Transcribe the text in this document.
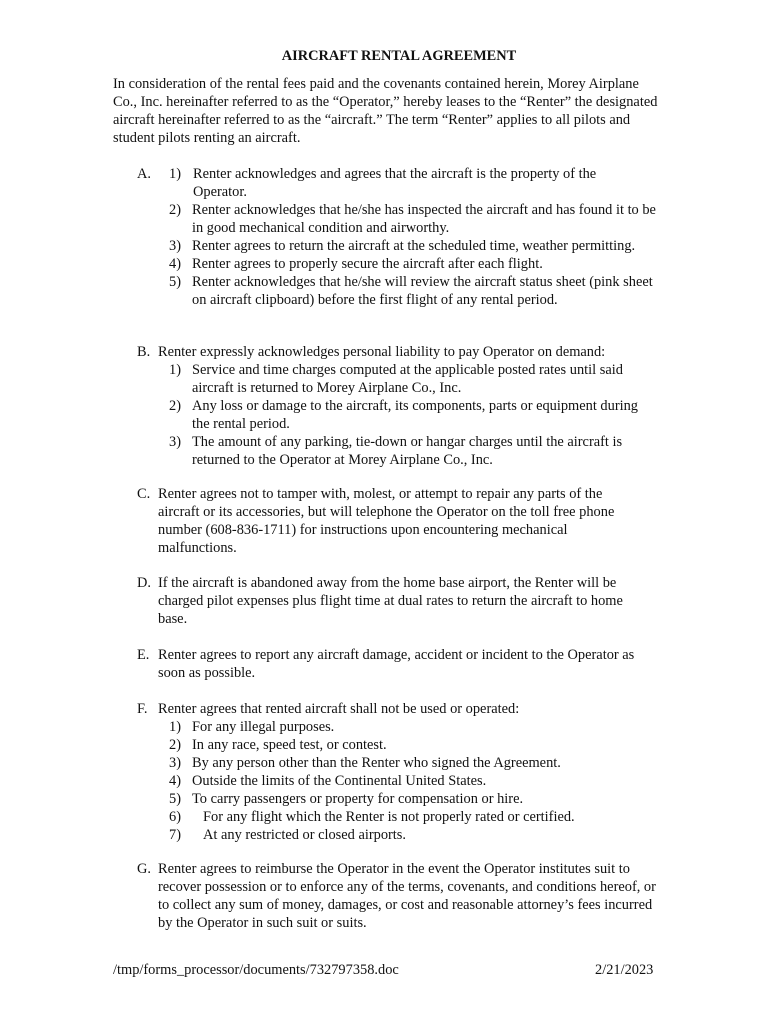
AIRCRAFT RENTAL AGREEMENT

In consideration of the rental fees paid and the covenants contained herein, Morey Airplane Co., Inc. hereinafter referred to as the “Operator,” hereby leases to the “Renter” the designated aircraft hereinafter referred to as the “aircraft.” The term “Renter” applies to all pilots and student pilots renting an aircraft.

A. 1) Renter acknowledges and agrees that the aircraft is the property of the Operator.
2) Renter acknowledges that he/she has inspected the aircraft and has found it to be in good mechanical condition and airworthy.
3) Renter agrees to return the aircraft at the scheduled time, weather permitting.
4) Renter agrees to properly secure the aircraft after each flight.
5) Renter acknowledges that he/she will review the aircraft status sheet (pink sheet on aircraft clipboard) before the first flight of any rental period.
B. Renter expressly acknowledges personal liability to pay Operator on demand:
1) Service and time charges computed at the applicable posted rates until said aircraft is returned to Morey Airplane Co., Inc.
2) Any loss or damage to the aircraft, its components, parts or equipment during the rental period.
3) The amount of any parking, tie-down or hangar charges until the aircraft is returned to the Operator at Morey Airplane Co., Inc.
C. Renter agrees not to tamper with, molest, or attempt to repair any parts of the aircraft or its accessories, but will telephone the Operator on the toll free phone number (608-836-1711) for instructions upon encountering mechanical malfunctions.
D. If the aircraft is abandoned away from the home base airport, the Renter will be charged pilot expenses plus flight time at dual rates to return the aircraft to home base.
E. Renter agrees to report any aircraft damage, accident or incident to the Operator as soon as possible.
F. Renter agrees that rented aircraft shall not be used or operated:
1) For any illegal purposes.
2) In any race, speed test, or contest.
3) By any person other than the Renter who signed the Agreement.
4) Outside the limits of the Continental United States.
5) To carry passengers or property for compensation or hire.
6) For any flight which the Renter is not properly rated or certified.
7) At any restricted or closed airports.
G. Renter agrees to reimburse the Operator in the event the Operator institutes suit to recover possession or to enforce any of the terms, covenants, and conditions hereof, or to collect any sum of money, damages, or cost and reasonable attorney’s fees incurred by the Operator in such suit or suits.
/tmp/forms_processor/documents/732797358.doc	2/21/2023
